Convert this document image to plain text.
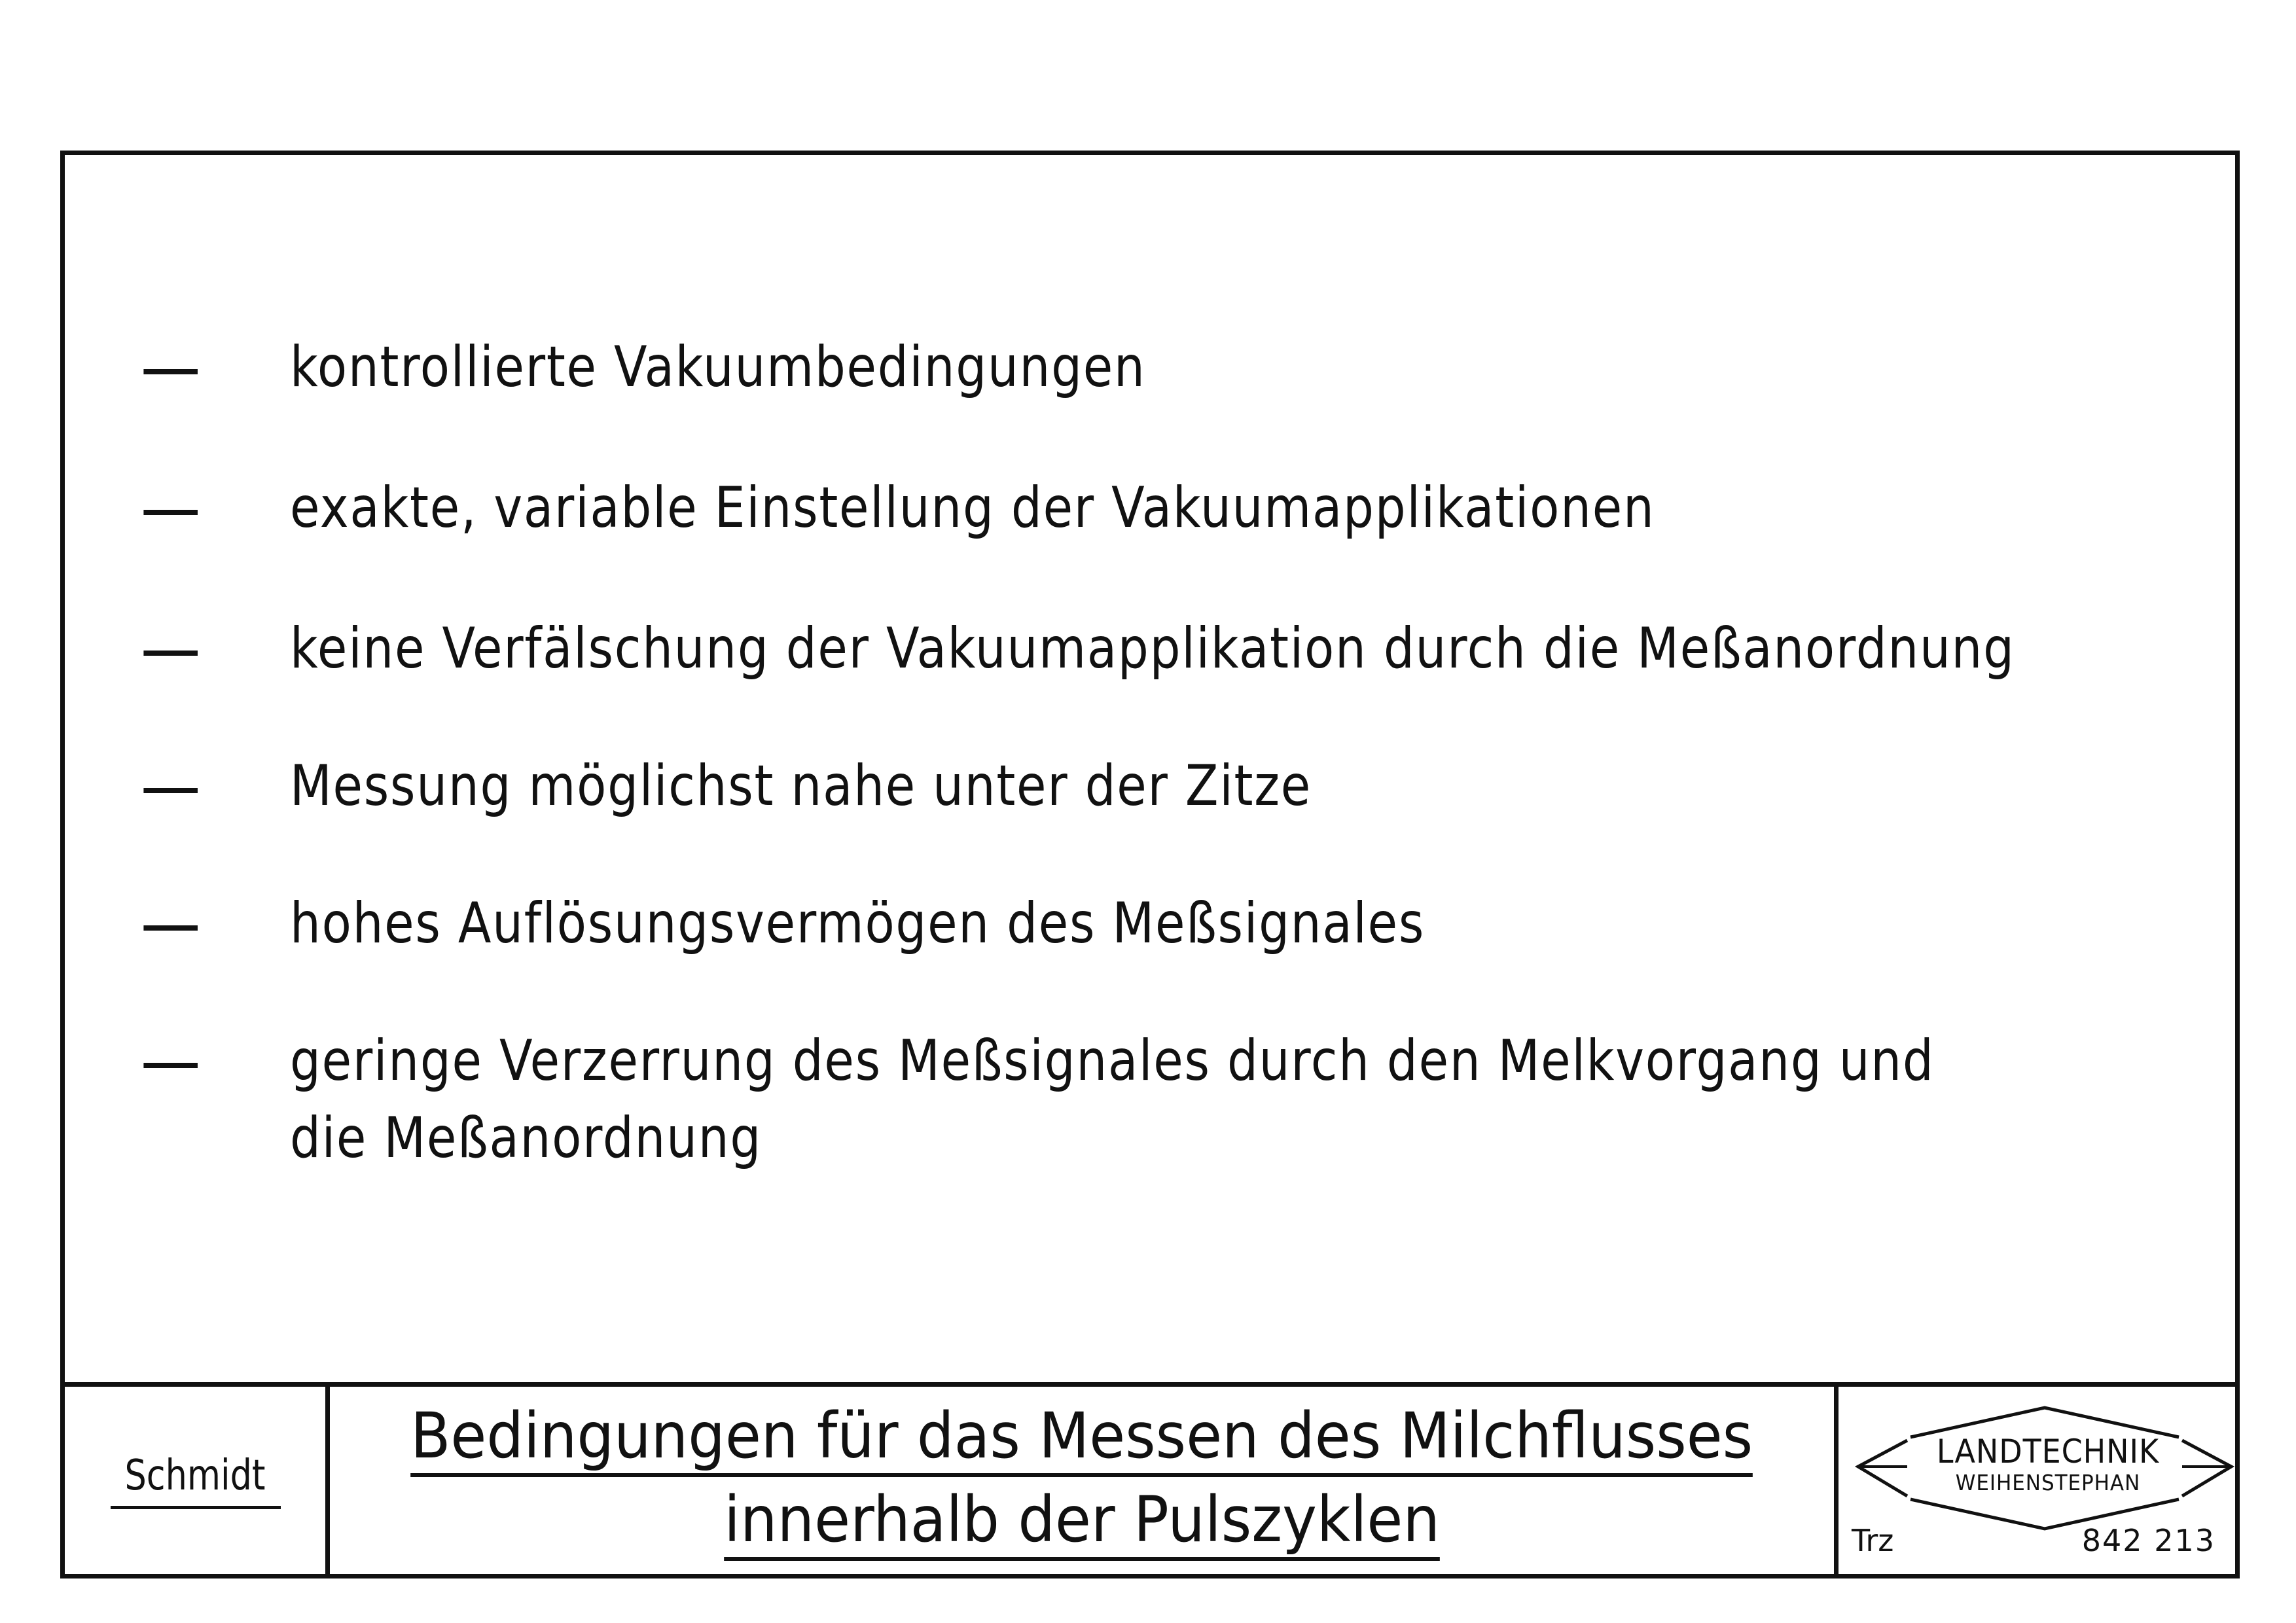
kontrollierte Vakuumbedingungen
exakte, variable Einstellung der Vakuumapplikationen
keine Verfälschung der Vakuumapplikation durch die Meßanordnung
Messung möglichst nahe unter der Zitze
hohes Auflösungsvermögen des Meßsignales
geringe Verzerrung des Meßsignales durch den Melkvorgang und
die Meßanordnung
Schmidt
Bedingungen für das Messen des Milchflusses
innerhalb der Pulszyklen
LANDTECHNIK
WEIHENSTEPHAN
Trz	842 213
